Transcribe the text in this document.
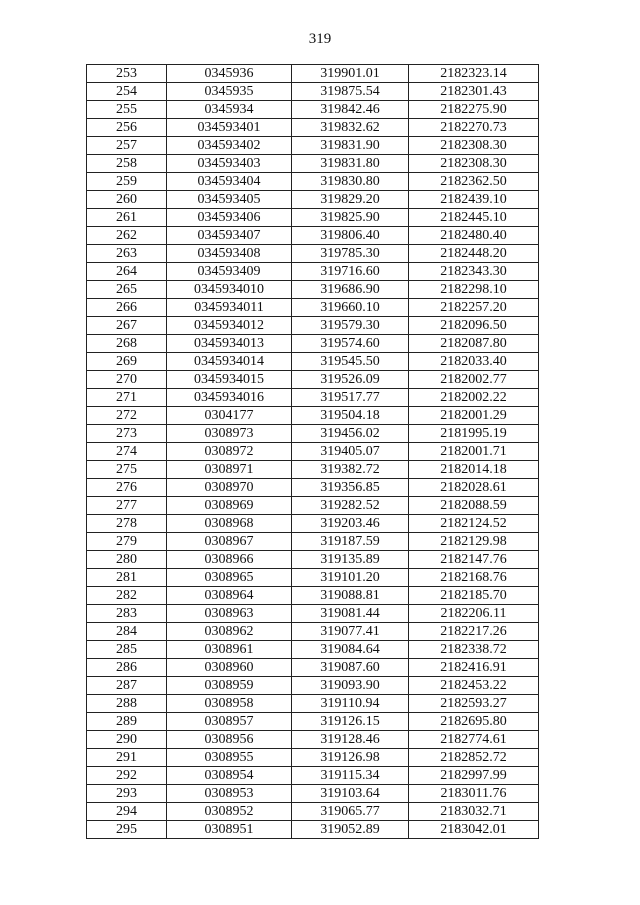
319
253	0345936	319901.01	2182323.14
254	0345935	319875.54	2182301.43
255	0345934	319842.46	2182275.90
256	034593401	319832.62	2182270.73
257	034593402	319831.90	2182308.30
258	034593403	319831.80	2182308.30
259	034593404	319830.80	2182362.50
260	034593405	319829.20	2182439.10
261	034593406	319825.90	2182445.10
262	034593407	319806.40	2182480.40
263	034593408	319785.30	2182448.20
264	034593409	319716.60	2182343.30
265	0345934010	319686.90	2182298.10
266	0345934011	319660.10	2182257.20
267	0345934012	319579.30	2182096.50
268	0345934013	319574.60	2182087.80
269	0345934014	319545.50	2182033.40
270	0345934015	319526.09	2182002.77
271	0345934016	319517.77	2182002.22
272	0304177	319504.18	2182001.29
273	0308973	319456.02	2181995.19
274	0308972	319405.07	2182001.71
275	0308971	319382.72	2182014.18
276	0308970	319356.85	2182028.61
277	0308969	319282.52	2182088.59
278	0308968	319203.46	2182124.52
279	0308967	319187.59	2182129.98
280	0308966	319135.89	2182147.76
281	0308965	319101.20	2182168.76
282	0308964	319088.81	2182185.70
283	0308963	319081.44	2182206.11
284	0308962	319077.41	2182217.26
285	0308961	319084.64	2182338.72
286	0308960	319087.60	2182416.91
287	0308959	319093.90	2182453.22
288	0308958	319110.94	2182593.27
289	0308957	319126.15	2182695.80
290	0308956	319128.46	2182774.61
291	0308955	319126.98	2182852.72
292	0308954	319115.34	2182997.99
293	0308953	319103.64	2183011.76
294	0308952	319065.77	2183032.71
295	0308951	319052.89	2183042.01
